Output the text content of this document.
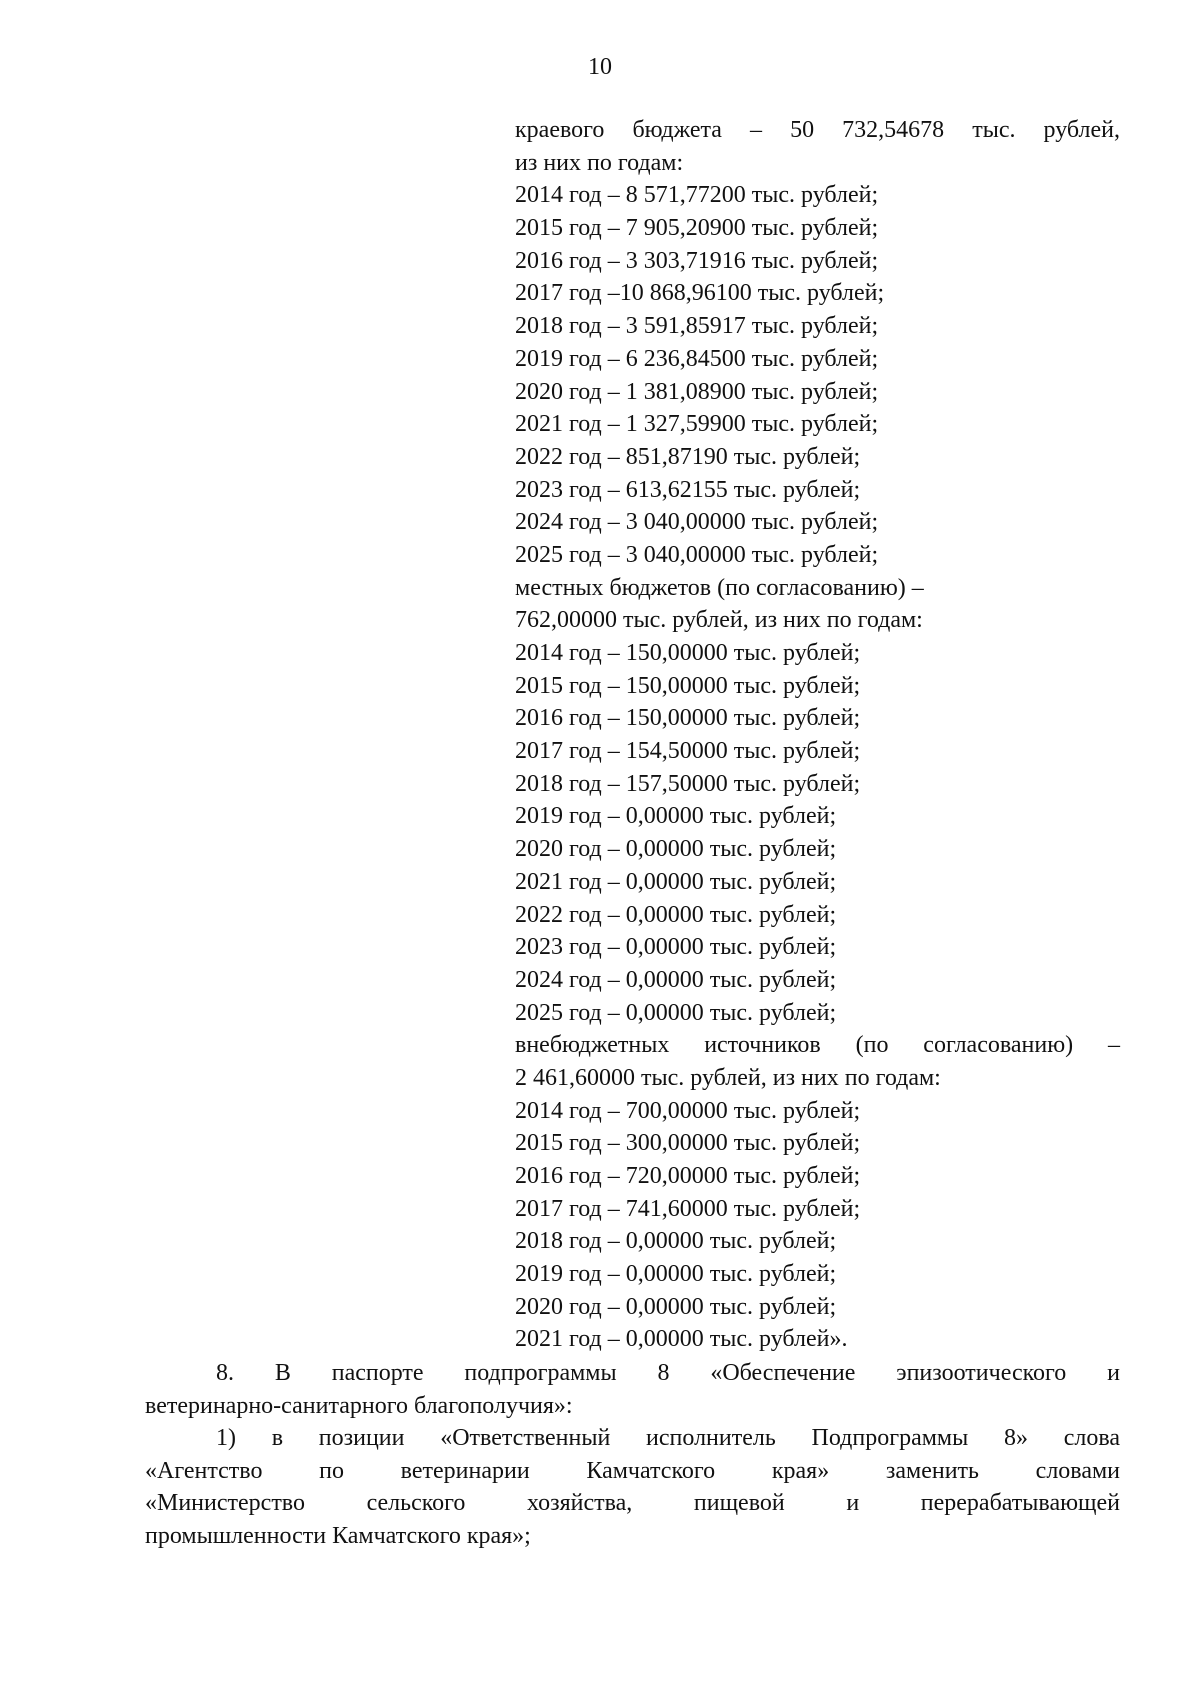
10
краевого бюджета – 50 732,54678 тыс. рублей,
из них по годам:
2014 год – 8 571,77200 тыс. рублей;
2015 год – 7 905,20900 тыс. рублей;
2016 год – 3 303,71916 тыс. рублей;
2017 год –10 868,96100 тыс. рублей;
2018 год – 3 591,85917 тыс. рублей;
2019 год – 6 236,84500 тыс. рублей;
2020 год – 1 381,08900 тыс. рублей;
2021 год – 1 327,59900 тыс. рублей;
2022 год – 851,87190 тыс. рублей;
2023 год – 613,62155 тыс. рублей;
2024 год – 3 040,00000 тыс. рублей;
2025 год – 3 040,00000 тыс. рублей;
местных бюджетов (по согласованию) –
762,00000 тыс. рублей, из них по годам:
2014 год – 150,00000 тыс. рублей;
2015 год – 150,00000 тыс. рублей;
2016 год – 150,00000 тыс. рублей;
2017 год – 154,50000 тыс. рублей;
2018 год – 157,50000 тыс. рублей;
2019 год – 0,00000 тыс. рублей;
2020 год – 0,00000 тыс. рублей;
2021 год – 0,00000 тыс. рублей;
2022 год – 0,00000 тыс. рублей;
2023 год – 0,00000 тыс. рублей;
2024 год – 0,00000 тыс. рублей;
2025 год – 0,00000 тыс. рублей;
внебюджетных источников (по согласованию) –
2 461,60000 тыс. рублей, из них по годам:
2014 год – 700,00000 тыс. рублей;
2015 год – 300,00000 тыс. рублей;
2016 год – 720,00000 тыс. рублей;
2017 год – 741,60000 тыс. рублей;
2018 год – 0,00000 тыс. рублей;
2019 год – 0,00000 тыс. рублей;
2020 год – 0,00000 тыс. рублей;
2021 год – 0,00000 тыс. рублей».
8. В паспорте подпрограммы 8 «Обеспечение эпизоотического и
ветеринарно-санитарного благополучия»:
1) в позиции «Ответственный исполнитель Подпрограммы 8» слова
«Агентство по ветеринарии Камчатского края» заменить словами
«Министерство сельского хозяйства, пищевой и перерабатывающей
промышленности Камчатского края»;
